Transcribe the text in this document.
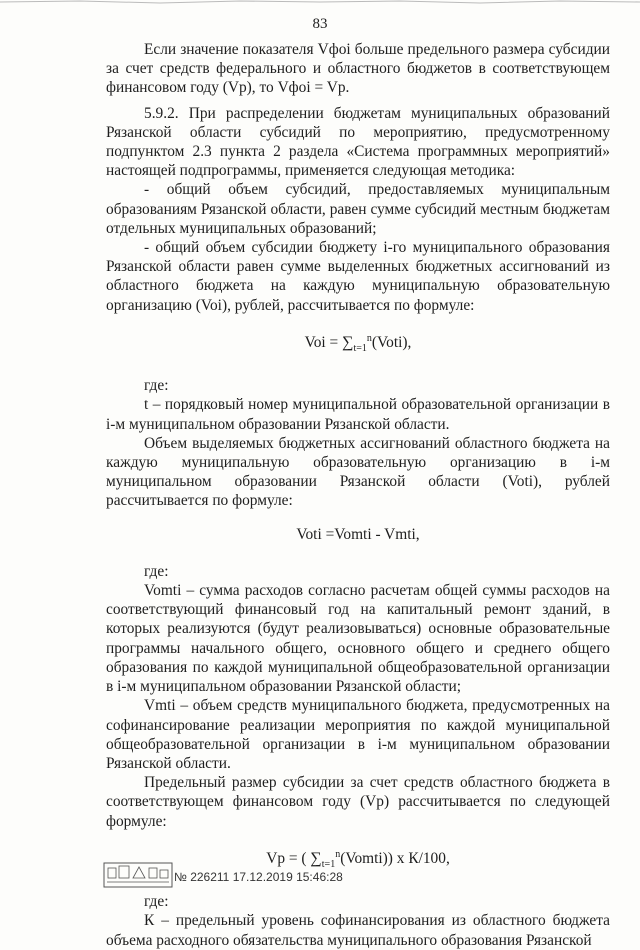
83

Если значение показателя Vфоi больше предельного размера субсидии за счет средств федерального и областного бюджетов в соответствующем финансовом году (Vр), то Vфоi = Vр.

5.9.2. При распределении бюджетам муниципальных образований Рязанской области субсидий по мероприятию, предусмотренному подпунктом 2.3 пункта 2 раздела «Система программных мероприятий» настоящей подпрограммы, применяется следующая методика:

- общий объем субсидий, предоставляемых муниципальным образованиям Рязанской области, равен сумме субсидий местным бюджетам отдельных муниципальных образований;

- общий объем субсидии бюджету i-го муниципального образования Рязанской области равен сумме выделенных бюджетных ассигнований из областного бюджета на каждую муниципальную образовательную организацию (Voi), рублей, рассчитывается по формуле:

Voi = $\sum_{t=1}^n(Voti)$,

где:

t – порядковый номер муниципальной образовательной организации в i-м муниципальном образовании Рязанской области.

Объем выделяемых бюджетных ассигнований областного бюджета на каждую муниципальную образовательную организацию в i-м муниципальном образовании Рязанской области (Voti), рублей рассчитывается по формуле:

Voti =Vomti - Vmti,

где:

Vomti – сумма расходов согласно расчетам общей суммы расходов на соответствующий финансовый год на капитальный ремонт зданий, в которых реализуются (будут реализовываться) основные образовательные программы начального общего, основного общего и среднего общего образования по каждой муниципальной общеобразовательной организации в i-м муниципальном образовании Рязанской области;

Vmti – объем средств муниципального бюджета, предусмотренных на софинансирование реализации мероприятия по каждой муниципальной общеобразовательной организации в i-м муниципальном образовании Рязанской области.

Предельный размер субсидии за счет средств областного бюджета в соответствующем финансовом году (Vр) рассчитывается по следующей формуле:

Vp = ( $\sum_{t=1}^n(Vomti)$) x К/100,

где:

К – предельный уровень софинансирования из областного бюджета объема расходного обязательства муниципального образования Рязанской

№ 226211 17.12.2019 15:46:28
